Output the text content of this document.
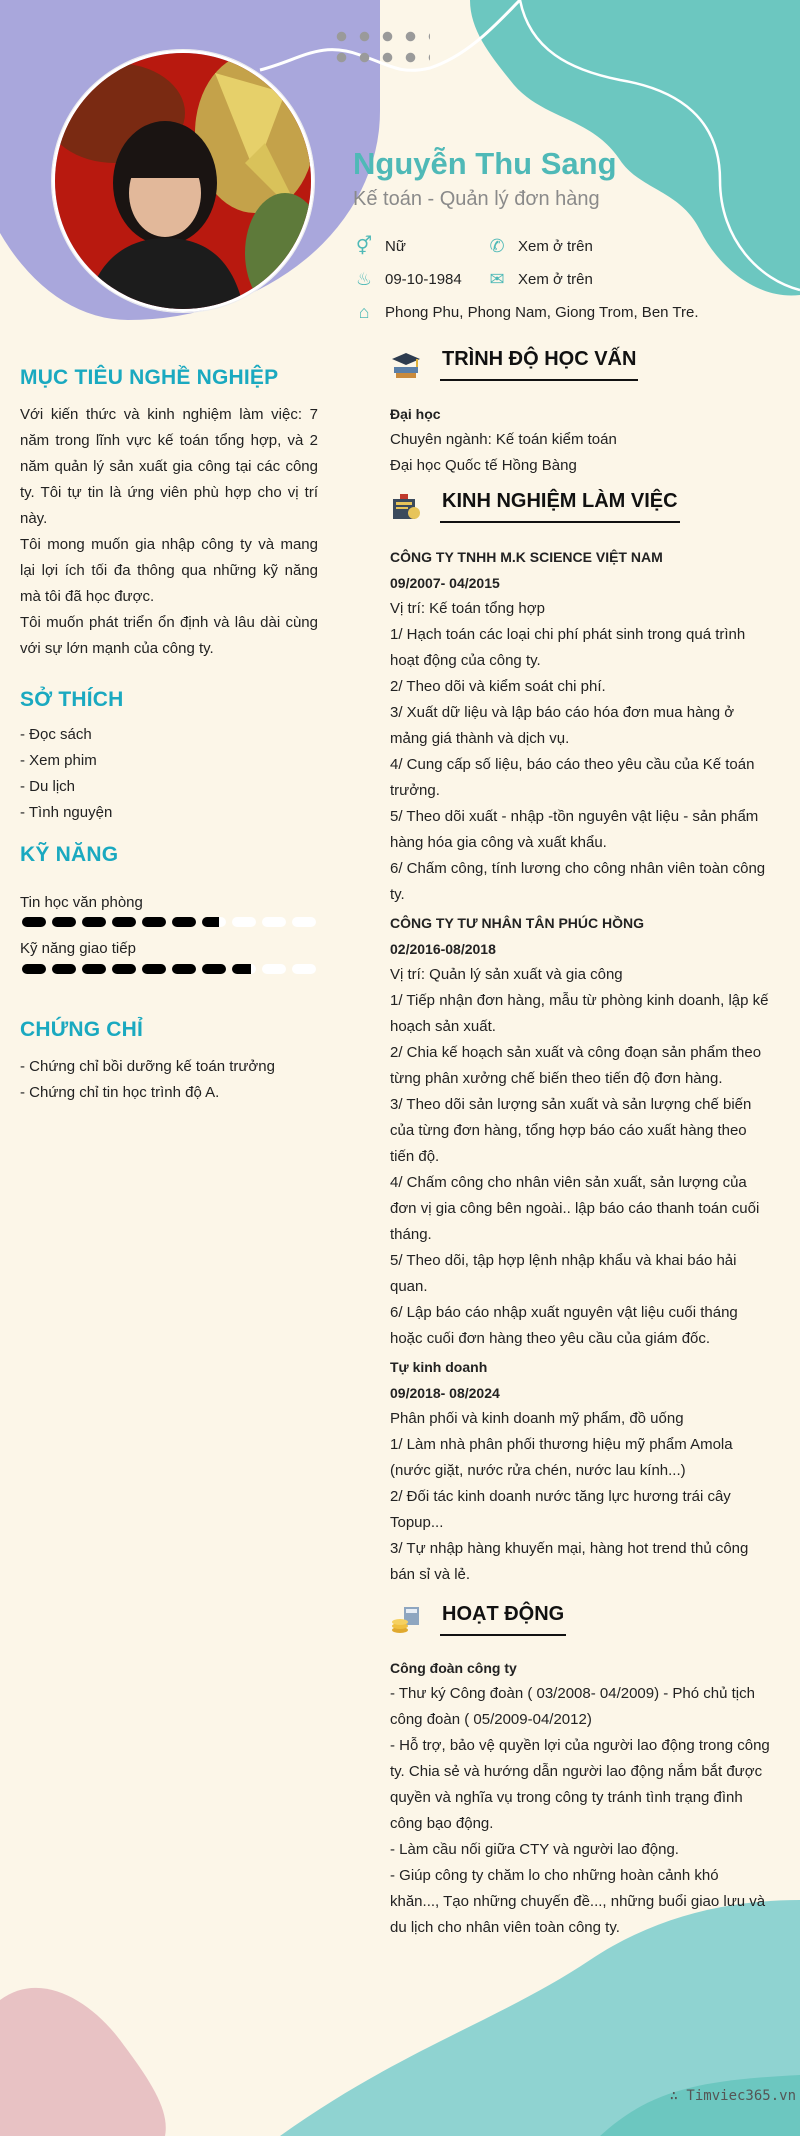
Nguyễn Thu Sang
Kế toán - Quản lý đơn hàng
⚥ Nữ	✆ Xem ở trên
♨ 09-10-1984 ✉ Xem ở trên
⌂	Phong Phu, Phong Nam, Giong Trom, Ben Tre.
MỤC TIÊU NGHỀ NGHIỆP

Với kiến thức và kinh nghiệm làm việc: 7 năm trong lĩnh vực kế toán tổng hợp, và 2 năm quản lý sản xuất gia công tại các công ty. Tôi tự tin là ứng viên phù hợp cho vị trí này.

Tôi mong muốn gia nhập công ty và mang lại lợi ích tối đa thông qua những kỹ năng mà tôi đã học được.

Tôi muốn phát triển ổn định và lâu dài cùng với sự lớn mạnh của công ty.

SỞ THÍCH
- Đọc sách
- Xem phim
- Du lịch
- Tình nguyện
KỸ NĂNG
Tin học văn phòng
Kỹ năng giao tiếp
CHỨNG CHỈ
- Chứng chỉ bồi dưỡng kế toán trưởng
- Chứng chỉ tin học trình độ A.
TRÌNH ĐỘ HỌC VẤN
Đại học
Chuyên ngành: Kế toán kiểm toán
Đại học Quốc tế Hồng Bàng
KINH NGHIỆM LÀM VIỆC
CÔNG TY TNHH M.K SCIENCE VIỆT NAM
09/2007- 04/2015
Vị trí: Kế toán tổng hợp
1/ Hạch toán các loại chi phí phát sinh trong quá trình hoạt động của công ty.
2/ Theo dõi và kiểm soát chi phí.
3/ Xuất dữ liệu và lập báo cáo hóa đơn mua hàng ở mảng giá thành và dịch vụ.
4/ Cung cấp số liệu, báo cáo theo yêu cầu của Kế toán trưởng.
5/ Theo dõi xuất - nhập -tồn nguyên vật liệu - sản phẩm hàng hóa gia công và xuất khẩu.
6/ Chấm công, tính lương cho công nhân viên toàn công ty.
CÔNG TY TƯ NHÂN TÂN PHÚC HỒNG
02/2016-08/2018
Vị trí: Quản lý sản xuất và gia công
1/ Tiếp nhận đơn hàng, mẫu từ phòng kinh doanh, lập kế hoạch sản xuất.
2/ Chia kế hoạch sản xuất và công đoạn sản phẩm theo từng phân xưởng chế biến theo tiến độ đơn hàng.
3/ Theo dõi sản lượng sản xuất và sản lượng chế biến của từng đơn hàng, tổng hợp báo cáo xuất hàng theo tiến độ.
4/ Chấm công cho nhân viên sản xuất, sản lượng của đơn vị gia công bên ngoài.. lập báo cáo thanh toán cuối tháng.
5/ Theo dõi, tập hợp lệnh nhập khẩu và khai báo hải quan.
6/ Lập báo cáo nhập xuất nguyên vật liệu cuối tháng hoặc cuối đơn hàng theo yêu cầu của giám đốc.
Tự kinh doanh
09/2018- 08/2024
Phân phối và kinh doanh mỹ phẩm, đồ uống
1/ Làm nhà phân phối thương hiệu mỹ phẩm Amola (nước giặt, nước rửa chén, nước lau kính...)
2/ Đối tác kinh doanh nước tăng lực hương trái cây Topup...
3/ Tự nhập hàng khuyến mại, hàng hot trend thủ công bán sỉ và lẻ.
HOẠT ĐỘNG
Công đoàn công ty
- Thư ký Công đoàn ( 03/2008- 04/2009) - Phó chủ tịch công đoàn ( 05/2009-04/2012)
- Hỗ trợ, bảo vệ quyền lợi của người lao động trong công ty. Chia sẻ và hướng dẫn người lao động nắm bắt được quyền và nghĩa vụ trong công ty tránh tình trạng đình công bạo động.
- Làm cầu nối giữa CTY và người lao động.
- Giúp công ty chăm lo cho những hoàn cảnh khó khăn..., Tạo những chuyến đề..., những buổi giao lưu và du lịch cho nhân viên toàn công ty.
∴ Timviec365.vn
